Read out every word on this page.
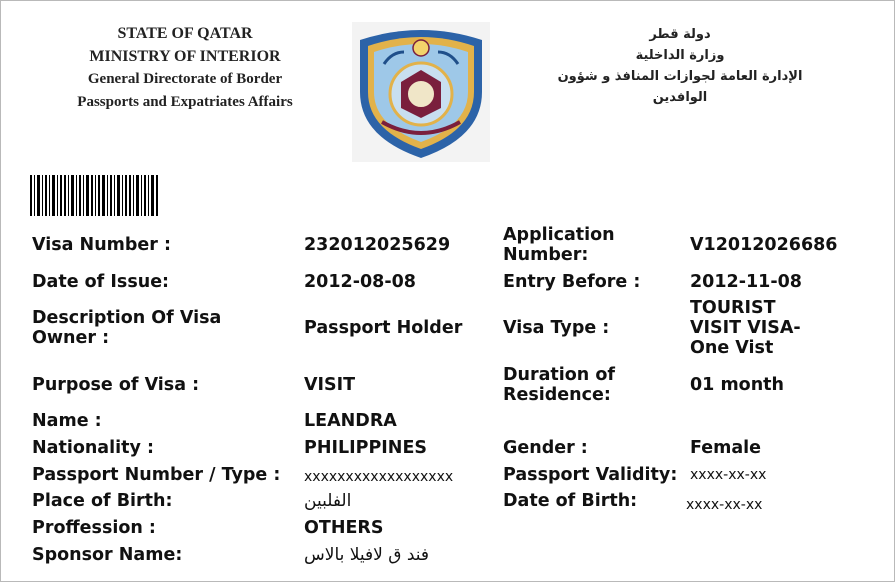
STATE OF QATAR
MINISTRY OF INTERIOR
General Directorate of Border
Passports and Expatriates Affairs
دولة قطر
وزارة الداخلية
الإدارة العامة لجوازات المنافذ و شؤون الوافدين
Visa Number :	232012025629	Application
Number:	V12012026686
Date of Issue:	2012-08-08	Entry Before :	2012-11-08
Description Of Visa
Owner :	Passport Holder Visa Type :
TOURIST
VISIT VISA-
One Vist
Purpose of Visa :	VISIT	Duration of
Residence:	01 month
Name :	LEANDRA
Nationality :	PHILIPPINES	Gender :	Female
Passport Number / Type : xxxxxxxxxxxxxxxxxx	Passport Validity: xxxx-xx-xx
Place of Birth:	الفلبين	Date of Birth:	xxxx-xx-xx
Proffession :	OTHERS
Sponsor Name:	فند ق لافيلا بالاس
